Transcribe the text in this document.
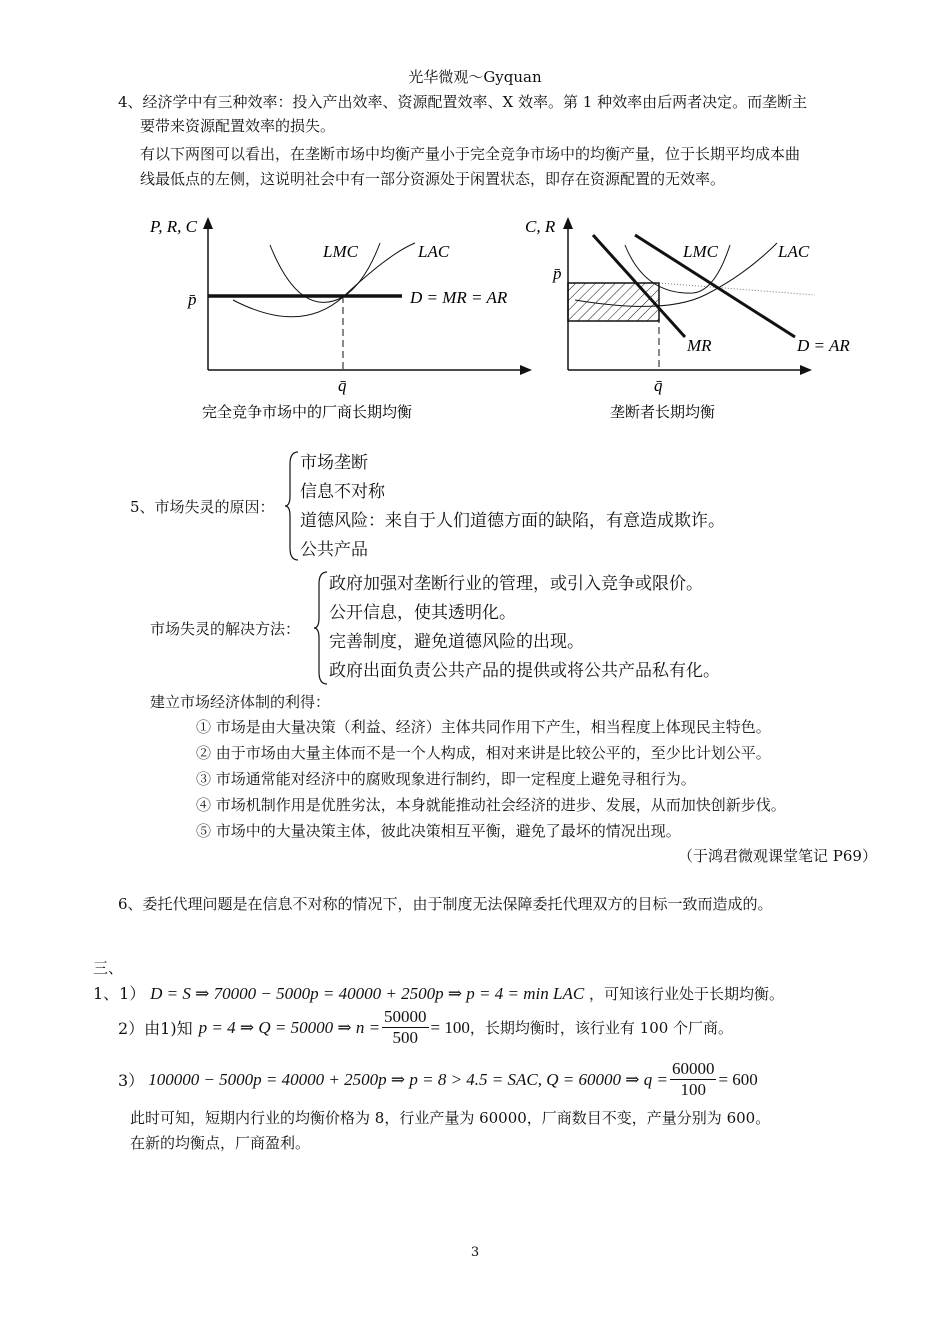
光华微观～Gyquan
4、经济学中有三种效率：投入产出效率、资源配置效率、X 效率。第 1 种效率由后两者决定。而垄断主
要带来资源配置效率的损失。
有以下两图可以看出，在垄断市场中均衡产量小于完全竞争市场中的均衡产量，位于长期平均成本曲
线最低点的左侧，这说明社会中有一部分资源处于闲置状态，即存在资源配置的无效率。
P, R, C
p̄
LMC	LAC
D = MR = AR
q̄
完全竞争市场中的厂商长期均衡
C, R
p̄
LMC	LAC
MR	D = AR
q̄
垄断者长期均衡
5、市场失灵的原因：
市场垄断
信息不对称
道德风险：来自于人们道德方面的缺陷，有意造成欺诈。
公共产品
市场失灵的解决方法：
政府加强对垄断行业的管理，或引入竞争或限价。
公开信息，使其透明化。
完善制度，避免道德风险的出现。
政府出面负责公共产品的提供或将公共产品私有化。
建立市场经济体制的利得：
① 市场是由大量决策（利益、经济）主体共同作用下产生，相当程度上体现民主特色。
② 由于市场由大量主体而不是一个人构成，相对来讲是比较公平的，至少比计划公平。
③ 市场通常能对经济中的腐败现象进行制约，即一定程度上避免寻租行为。
④ 市场机制作用是优胜劣汰，本身就能推动社会经济的进步、发展，从而加快创新步伐。
⑤ 市场中的大量决策主体，彼此决策相互平衡，避免了最坏的情况出现。
（于鸿君微观课堂笔记 P69）
6、委托代理问题是在信息不对称的情况下，由于制度无法保障委托代理双方的目标一致而造成的。
三、
1、1） D = S ⇒ 70000 − 5000p = 40000 + 2500p ⇒ p = 4 = min LAC ，可知该行业处于长期均衡。
2）由1)知 p = 4 ⇒ Q = 50000 ⇒ $n = \frac{50000}{500} = 100$ ，长期均衡时，该行业有 100 个厂商。
3） 100000 − 5000p = 40000 + 2500p ⇒ p = 8 > 4.5 = SAC, Q = 60000 ⇒ $q = \frac{60000}{100} = 600$
此时可知，短期内行业的均衡价格为 8，行业产量为 60000，厂商数目不变，产量分别为 600。
在新的均衡点，厂商盈利。
3
